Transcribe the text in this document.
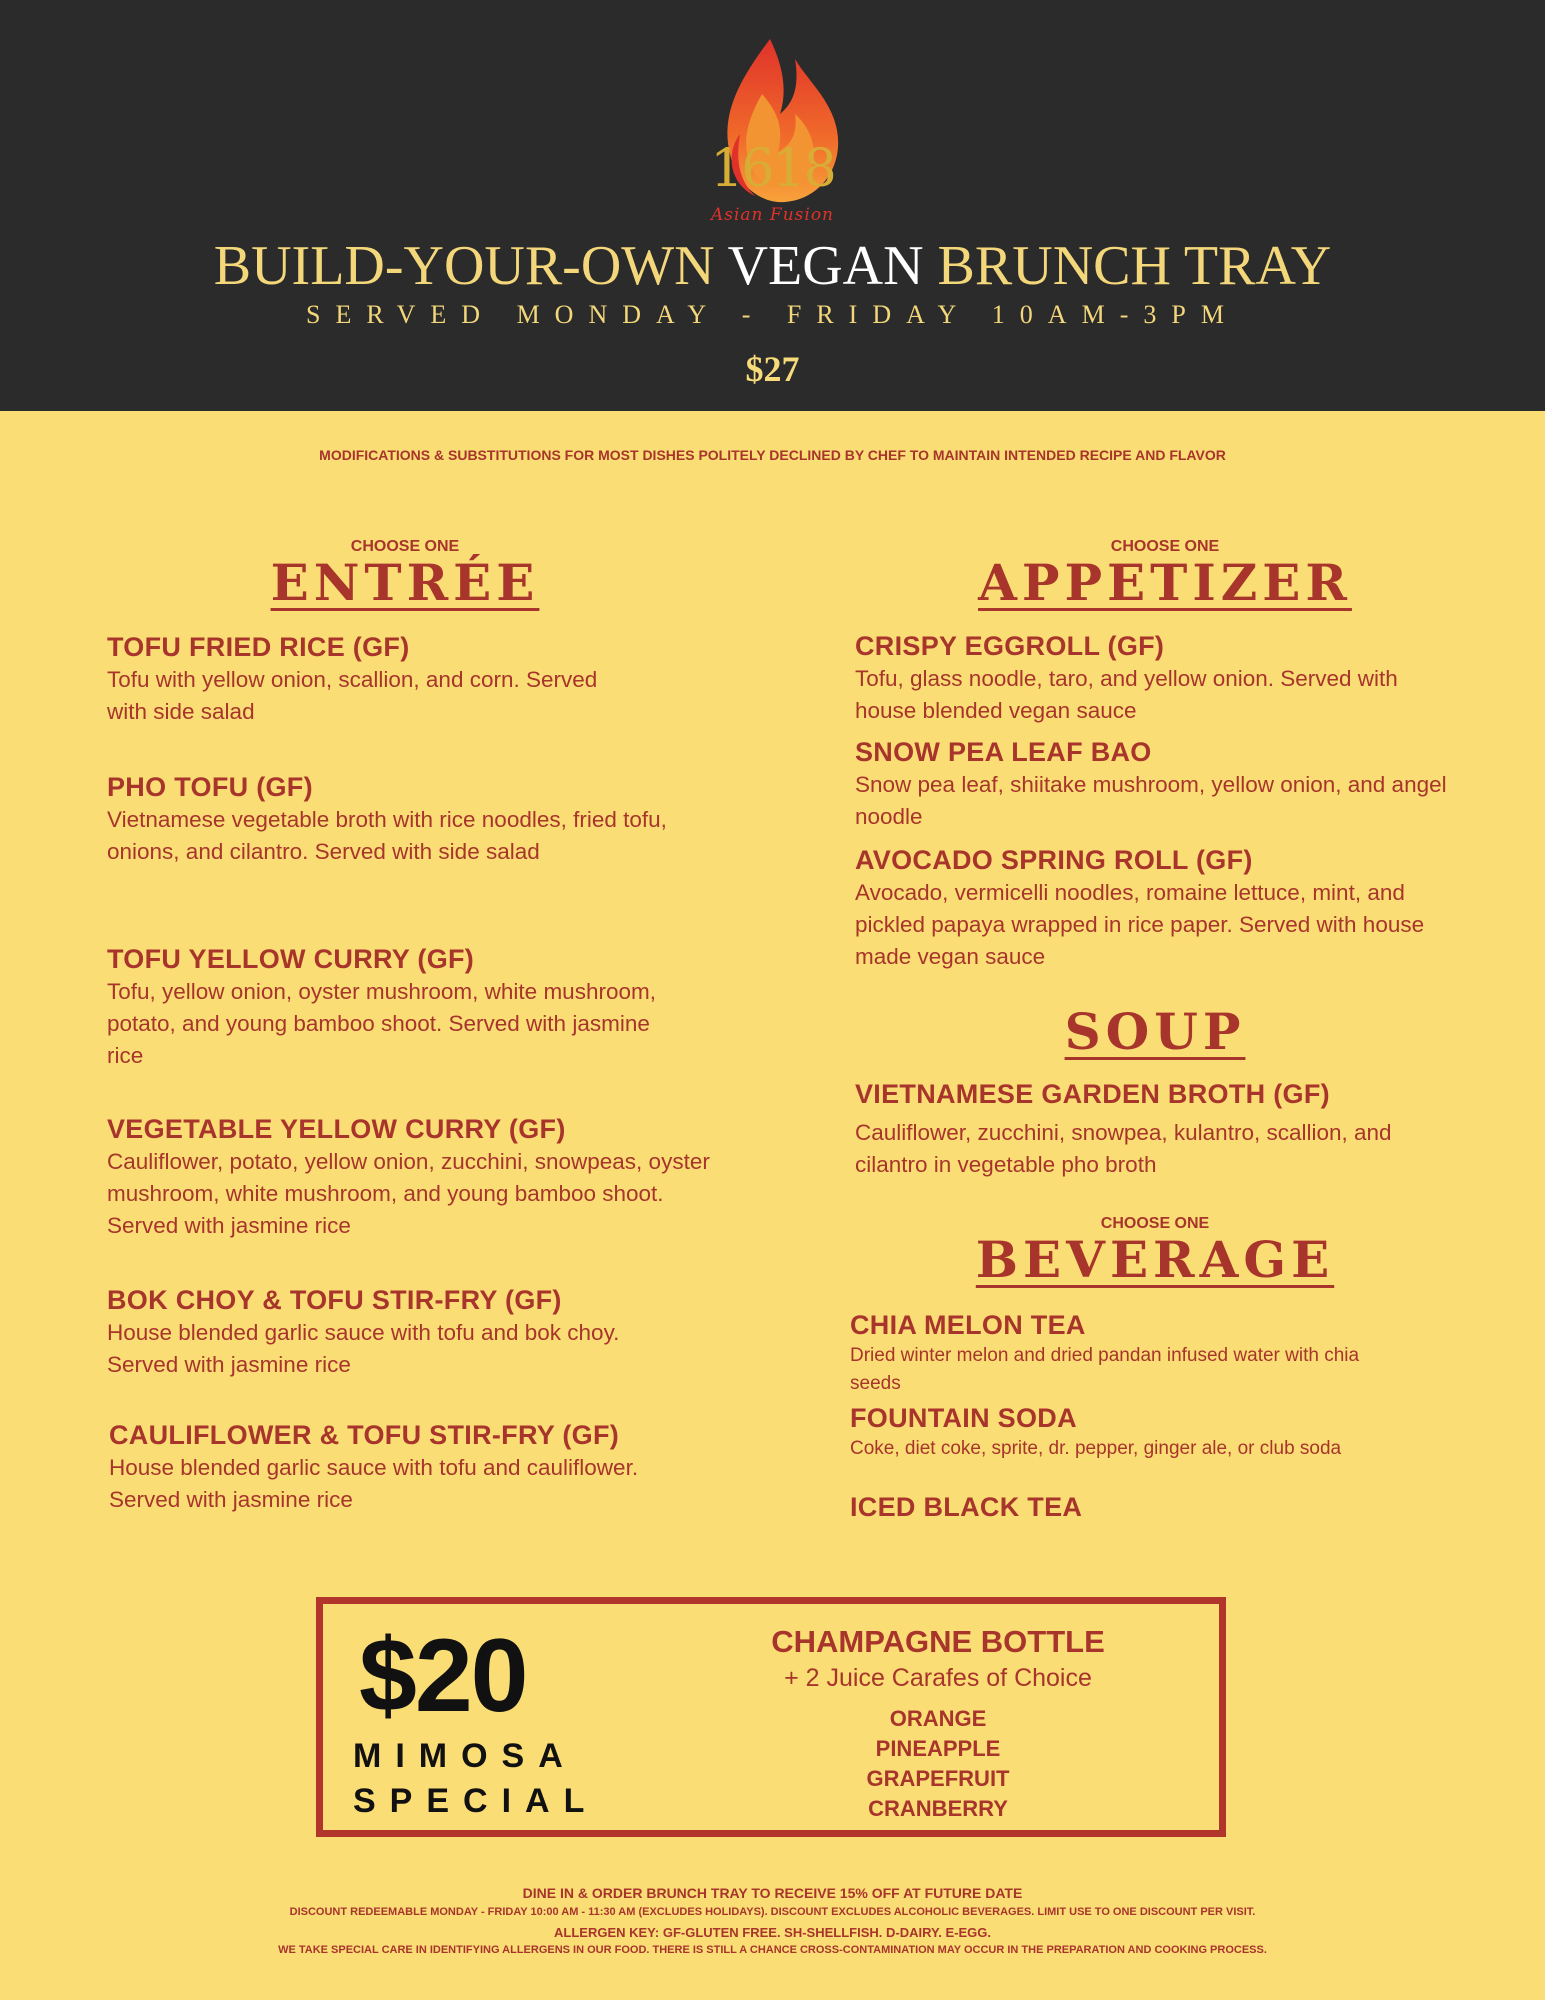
1618
Asian Fusion
BUILD-YOUR-OWN VEGAN BRUNCH TRAY
SERVED MONDAY - FRIDAY 10AM-3PM
$27
MODIFICATIONS & SUBSTITUTIONS FOR MOST DISHES POLITELY DECLINED BY CHEF TO MAINTAIN INTENDED RECIPE AND FLAVOR
CHOOSE ONE
ENTRÉE
TOFU FRIED RICE (GF)
Tofu with yellow onion, scallion, and corn. Served with side salad
PHO TOFU (GF)
Vietnamese vegetable broth with rice noodles, fried tofu, onions, and cilantro. Served with side salad
TOFU YELLOW CURRY (GF)
Tofu, yellow onion, oyster mushroom, white mushroom, potato, and young bamboo shoot. Served with jasmine rice
VEGETABLE YELLOW CURRY (GF)
Cauliflower, potato, yellow onion, zucchini, snowpeas, oyster mushroom, white mushroom, and young bamboo shoot. Served with jasmine rice
BOK CHOY & TOFU STIR-FRY (GF)
House blended garlic sauce with tofu and bok choy. Served with jasmine rice
CAULIFLOWER & TOFU STIR-FRY (GF)
House blended garlic sauce with tofu and cauliflower. Served with jasmine rice
CHOOSE ONE
APPETIZER
CRISPY EGGROLL (GF)
Tofu, glass noodle, taro, and yellow onion. Served with house blended vegan sauce
SNOW PEA LEAF BAO
Snow pea leaf, shiitake mushroom, yellow onion, and angel noodle
AVOCADO SPRING ROLL (GF)
Avocado, vermicelli noodles, romaine lettuce, mint, and pickled papaya wrapped in rice paper. Served with house made vegan sauce
SOUP
VIETNAMESE GARDEN BROTH (GF)
Cauliflower, zucchini, snowpea, kulantro, scallion, and cilantro in vegetable pho broth
CHOOSE ONE
BEVERAGE
CHIA MELON TEA
Dried winter melon and dried pandan infused water with chia seeds
FOUNTAIN SODA
Coke, diet coke, sprite, dr. pepper, ginger ale, or club soda
ICED BLACK TEA
$20
MIMOSA
SPECIAL
CHAMPAGNE BOTTLE
+ 2 Juice Carafes of Choice
ORANGE
PINEAPPLE
GRAPEFRUIT
CRANBERRY
DINE IN & ORDER BRUNCH TRAY TO RECEIVE 15% OFF AT FUTURE DATE
DISCOUNT REDEEMABLE MONDAY - FRIDAY 10:00 AM - 11:30 AM (EXCLUDES HOLIDAYS). DISCOUNT EXCLUDES ALCOHOLIC BEVERAGES. LIMIT USE TO ONE DISCOUNT PER VISIT.
ALLERGEN KEY: GF-GLUTEN FREE. SH-SHELLFISH. D-DAIRY. E-EGG.
WE TAKE SPECIAL CARE IN IDENTIFYING ALLERGENS IN OUR FOOD. THERE IS STILL A CHANCE CROSS-CONTAMINATION MAY OCCUR IN THE PREPARATION AND COOKING PROCESS.
